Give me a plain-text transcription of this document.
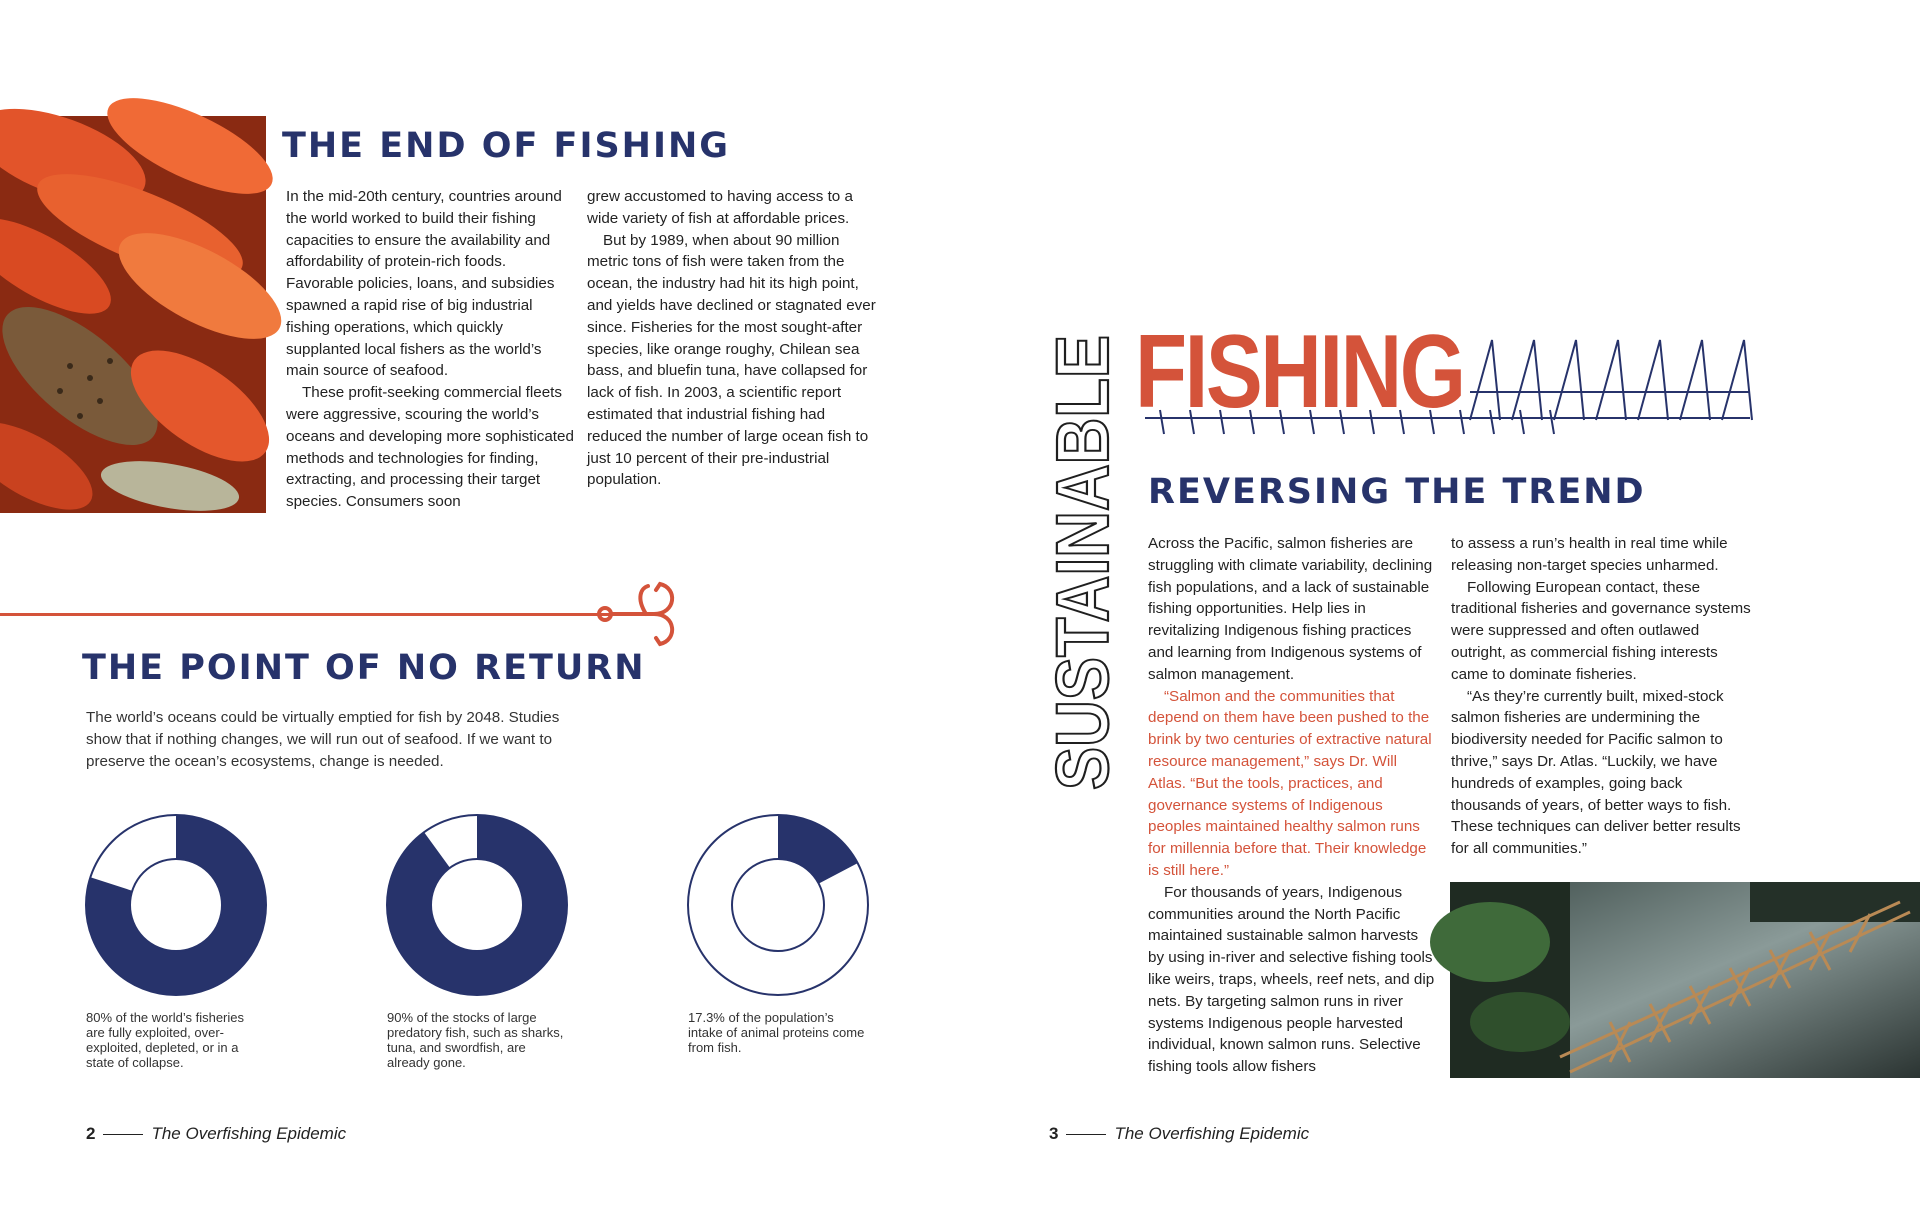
THE END OF FISHING

In the mid-20th century, countries around the world worked to build their fishing capacities to ensure the availability and affordability of protein-rich foods. Favorable policies, loans, and subsidies spawned a rapid rise of big industrial fishing operations, which quickly supplanted local fishers as the world’s main source of seafood.

These profit-seeking commercial fleets were aggressive, scouring the world’s oceans and developing more sophisticated methods and technologies for finding, extracting, and processing their target species. Consumers soon

grew accustomed to having access to a wide variety of fish at affordable prices.

But by 1989, when about 90 million metric tons of fish were taken from the ocean, the industry had hit its high point, and yields have declined or stagnated ever since. Fisheries for the most sought-after species, like orange roughy, Chilean sea bass, and bluefin tuna, have collapsed for lack of fish. In 2003, a scientific report estimated that industrial fishing had reduced the number of large ocean fish to just 10 percent of their pre-industrial population.

THE POINT OF NO RETURN
The world’s oceans could be virtually emptied for fish by 2048. Studies show that if nothing changes, we will run out of seafood. If we want to preserve the ocean’s ecosystems, change is needed.
80% of the world’s fisheries are fully exploited, over-exploited, depleted, or in a state of collapse.
90% of the stocks of large predatory fish, such as sharks, tuna, and swordfish, are already gone.
17.3% of the population’s intake of animal proteins come from fish.
2	The Overfishing Epidemic
SUSTAINABLE FISHING
REVERSING THE TREND

Across the Pacific, salmon fisheries are struggling with climate variability, declining fish populations, and a lack of sustainable fishing opportunities. Help lies in revitalizing Indigenous fishing practices and learning from Indigenous systems of salmon management.

“Salmon and the communities that depend on them have been pushed to the brink by two centuries of extractive natural resource management,” says Dr. Will Atlas. “But the tools, practices, and governance systems of Indigenous peoples maintained healthy salmon runs for millennia before that. Their knowledge is still here.”

For thousands of years, Indigenous communities around the North Pacific maintained sustainable salmon harvests by using in-river and selective fishing tools like weirs, traps, wheels, reef nets, and dip nets. By targeting salmon runs in river systems Indigenous people harvested individual, known salmon runs. Selective fishing tools allow fishers

to assess a run’s health in real time while releasing non-target species unharmed.

Following European contact, these traditional fisheries and governance systems were suppressed and often outlawed outright, as commercial fishing interests came to dominate fisheries.

“As they’re currently built, mixed-stock salmon fisheries are undermining the biodiversity needed for Pacific salmon to thrive,” says Dr. Atlas. “Luckily, we have hundreds of examples, going back thousands of years, of better ways to fish. These techniques can deliver better results for all communities.”

3	The Overfishing Epidemic
